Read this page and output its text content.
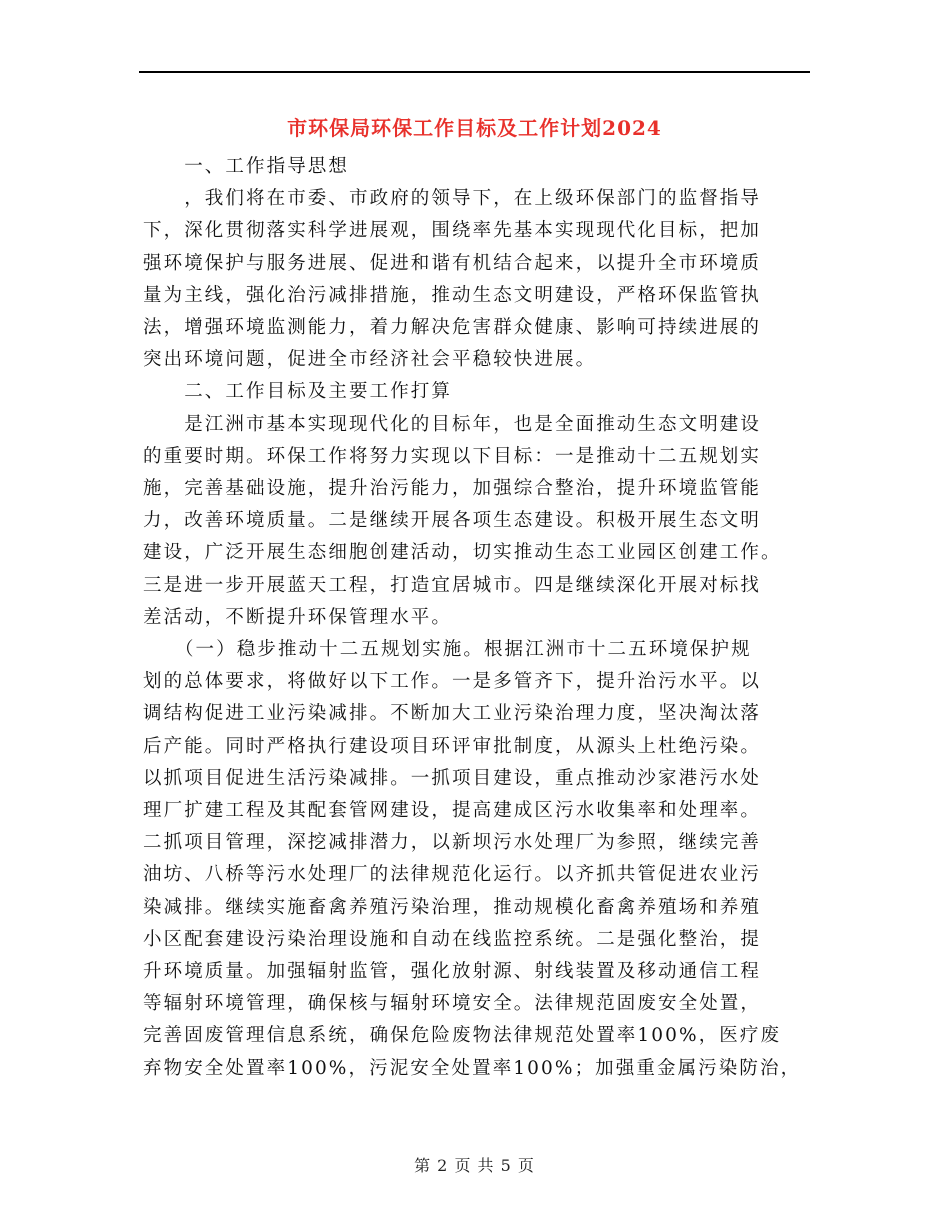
市环保局环保工作目标及工作计划2024
　　一、工作指导思想
　　，我们将在市委、市政府的领导下，在上级环保部门的监督指导
下，深化贯彻落实科学进展观，围绕率先基本实现现代化目标，把加
强环境保护与服务进展、促进和谐有机结合起来，以提升全市环境质
量为主线，强化治污减排措施，推动生态文明建设，严格环保监管执
法，增强环境监测能力，着力解决危害群众健康、影响可持续进展的
突出环境问题，促进全市经济社会平稳较快进展。
　　二、工作目标及主要工作打算
　　是江洲市基本实现现代化的目标年，也是全面推动生态文明建设
的重要时期。环保工作将努力实现以下目标：一是推动十二五规划实
施，完善基础设施，提升治污能力，加强综合整治，提升环境监管能
力，改善环境质量。二是继续开展各项生态建设。积极开展生态文明
建设，广泛开展生态细胞创建活动，切实推动生态工业园区创建工作。
三是进一步开展蓝天工程，打造宜居城市。四是继续深化开展对标找
差活动，不断提升环保管理水平。
　　（一）稳步推动十二五规划实施。根据江洲市十二五环境保护规
划的总体要求，将做好以下工作。一是多管齐下，提升治污水平。以
调结构促进工业污染减排。不断加大工业污染治理力度，坚决淘汰落
后产能。同时严格执行建设项目环评审批制度，从源头上杜绝污染。
以抓项目促进生活污染减排。一抓项目建设，重点推动沙家港污水处
理厂扩建工程及其配套管网建设，提高建成区污水收集率和处理率。
二抓项目管理，深挖减排潜力，以新坝污水处理厂为参照，继续完善
油坊、八桥等污水处理厂的法律规范化运行。以齐抓共管促进农业污
染减排。继续实施畜禽养殖污染治理，推动规模化畜禽养殖场和养殖
小区配套建设污染治理设施和自动在线监控系统。二是强化整治，提
升环境质量。加强辐射监管，强化放射源、射线装置及移动通信工程
等辐射环境管理，确保核与辐射环境安全。法律规范固废安全处置，
完善固废管理信息系统，确保危险废物法律规范处置率100%，医疗废
弃物安全处置率100%，污泥安全处置率100%；加强重金属污染防治，
第 2 页 共 5 页
